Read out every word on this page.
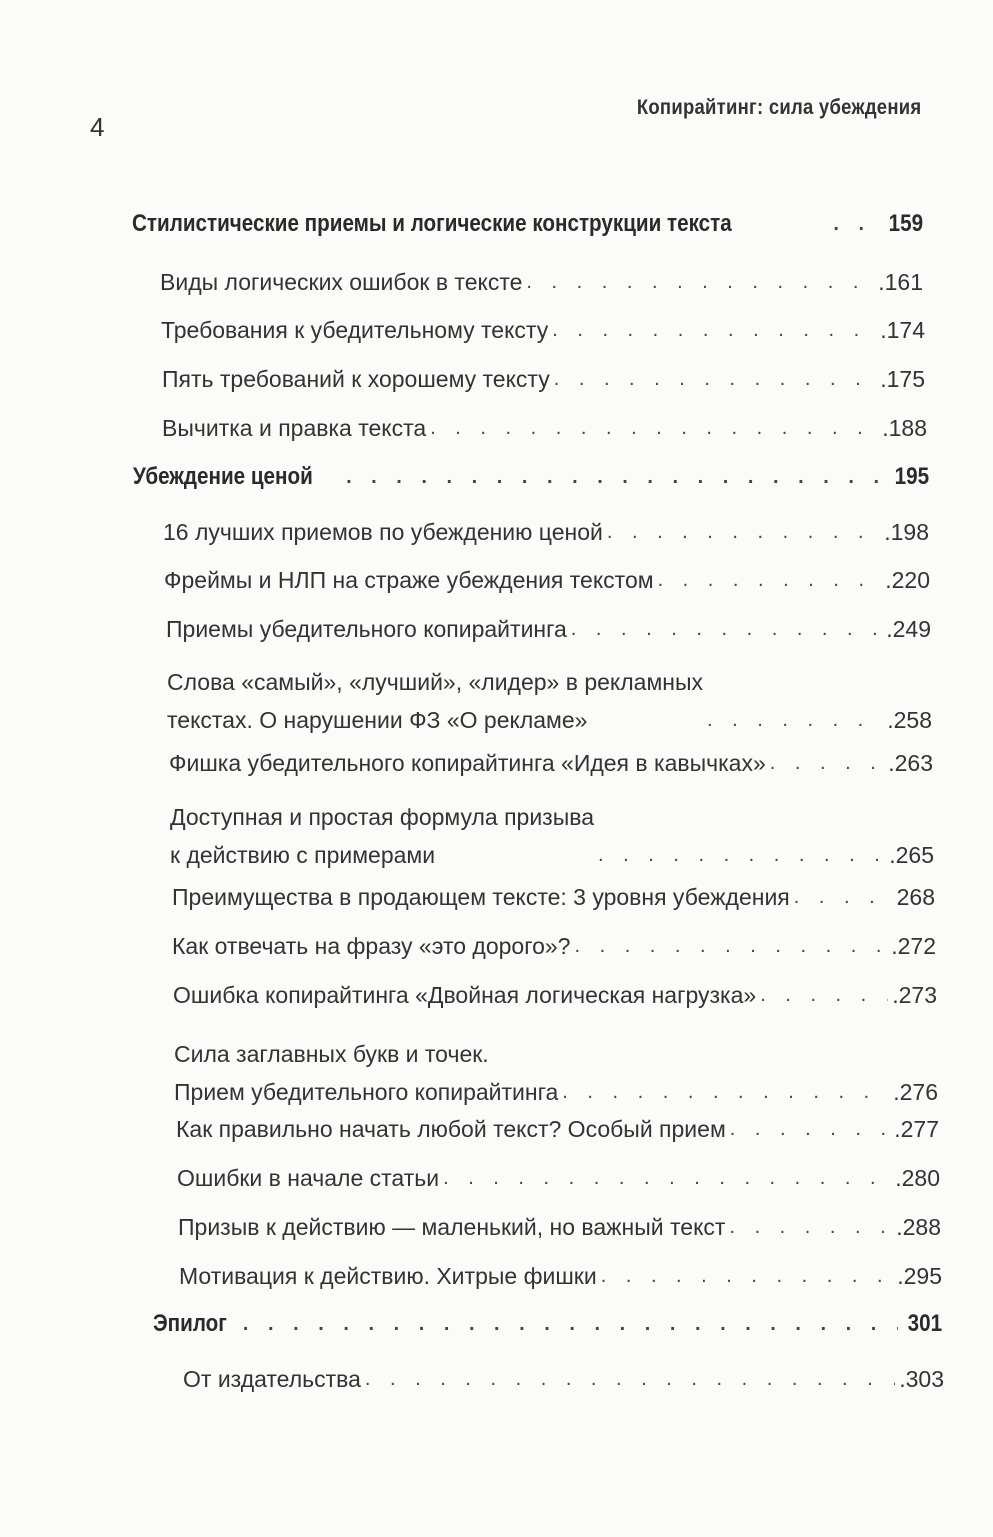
4
Копирайтинг: сила убеждения
Стилистические приемы и логические конструкции текста . . .	159
Виды логических ошибок в тексте . . .	.161
Требования к убедительному тексту . . .	.174
Пять требований к хорошему тексту . . .	.175
Вычитка и правка текста . . .	.188
Убеждение ценой . . .	195
16 лучших приемов по убеждению ценой . . .	.198
Фреймы и НЛП на страже убеждения текстом . . .	.220
Приемы убедительного копирайтинга . . .	.249
Слова «самый», «лучший», «лидер» в рекламных
текстах. О нарушении ФЗ «О рекламе» . . .	.258
Фишка убедительного копирайтинга «Идея в кавычках» . . .	.263
Доступная и простая формула призыва
к действию с примерами . . .	.265
Преимущества в продающем тексте: 3 уровня убеждения . . .	268
Как отвечать на фразу «это дорого»? . . .	.272
Ошибка копирайтинга «Двойная логическая нагрузка» . . .	.273
Сила заглавных букв и точек.
Прием убедительного копирайтинга . . .	.276
Как правильно начать любой текст? Особый прием . . .	.277
Ошибки в начале статьи . . .	.280
Призыв к действию — маленький, но важный текст . . .	.288
Мотивация к действию. Хитрые фишки . . .	.295
Эпилог . . .	301
От издательства . . .	.303
